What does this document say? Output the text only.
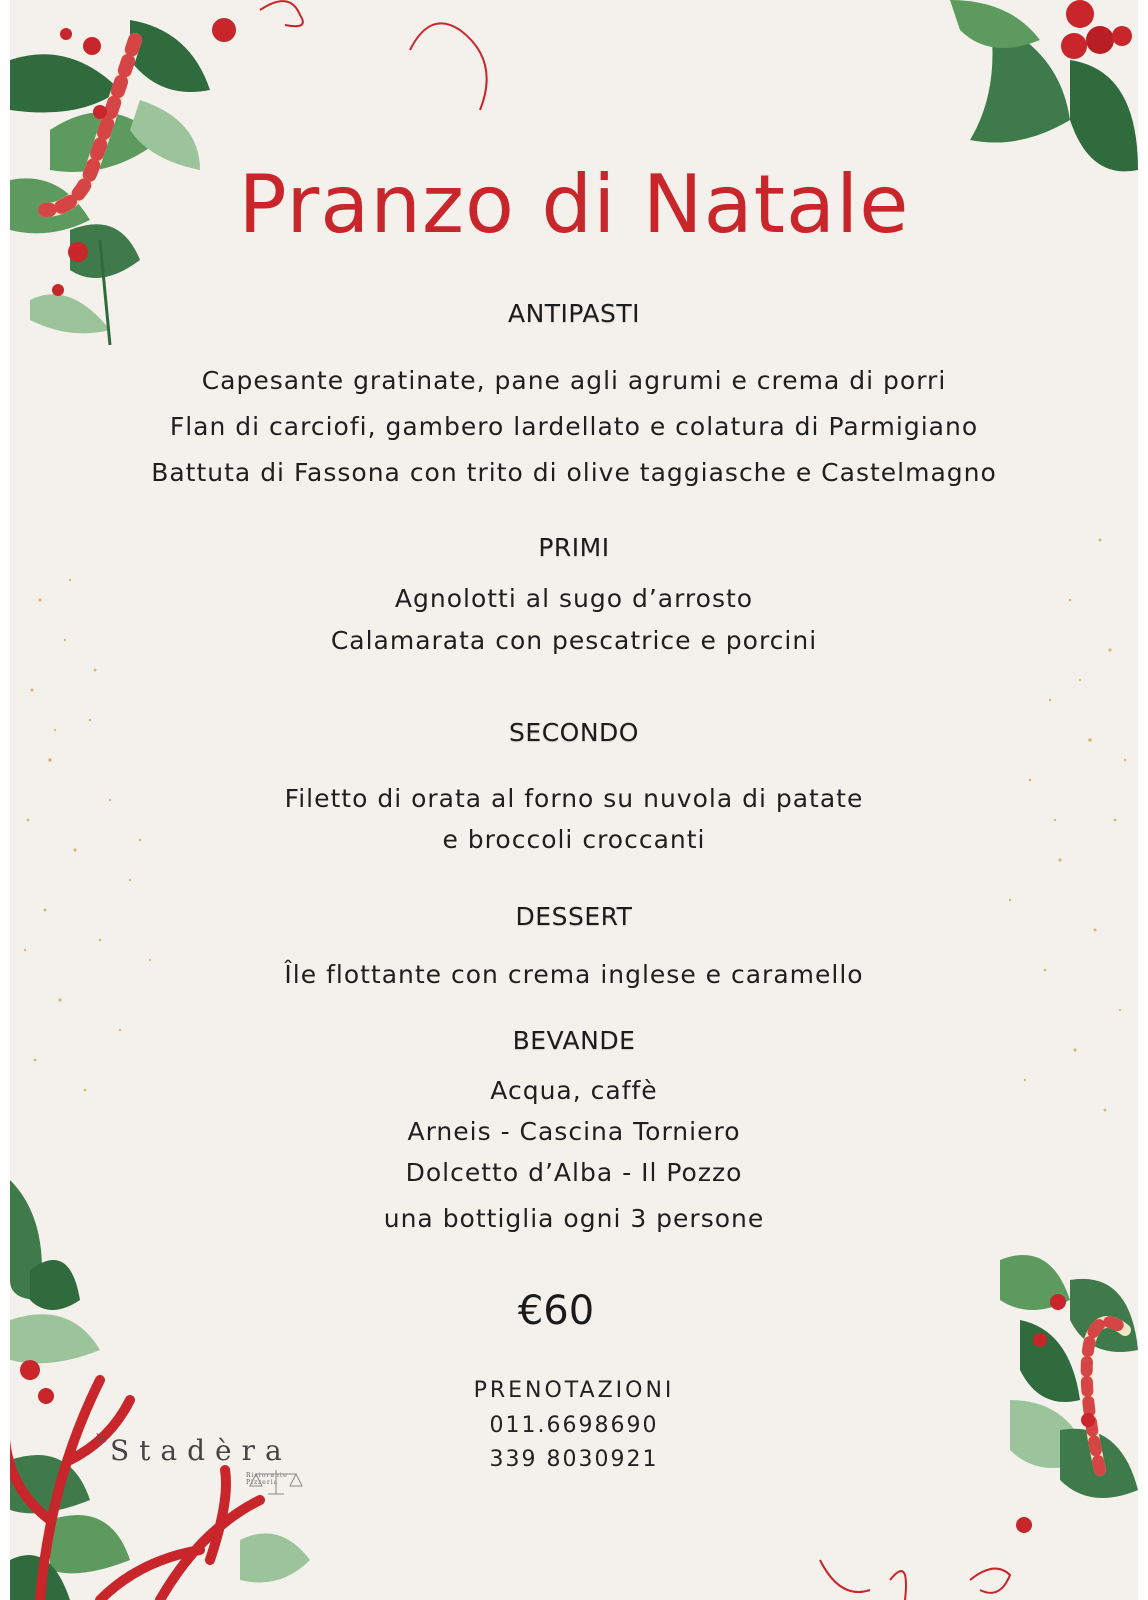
Pranzo di Natale
ANTIPASTI
Capesante gratinate, pane agli agrumi e crema di porri
Flan di carciofi, gambero lardellato e colatura di Parmigiano
Battuta di Fassona con trito di olive taggiasche e Castelmagno
PRIMI
Agnolotti al sugo d’arrosto
Calamarata con pescatrice e porcini
SECONDO
Filetto di orata al forno su nuvola di patate
e broccoli croccanti
DESSERT
Île flottante con crema inglese e caramello
BEVANDE
Acqua, caffè
Arneis - Cascina Torniero
Dolcetto d’Alba - Il Pozzo
una bottiglia ogni 3 persone
€60
PRENOTAZIONI
011.6698690
339 8030921
la Stadèra
Ristorante
Pizzeria
